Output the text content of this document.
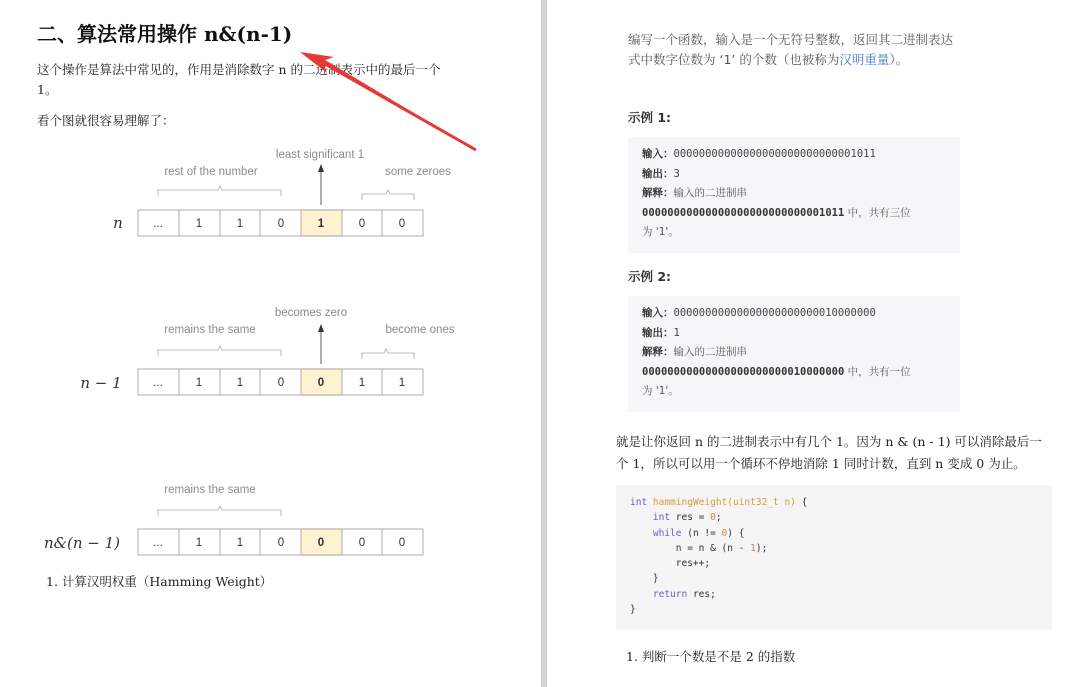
二、算法常用操作 n&(n-1)
这个操作是算法中常见的，作用是消除数字 n 的二进制表示中的最后一个
1。
看个图就很容易理解了：
rest of the number
least significant 1
some zeroes
n	...	1	1	0	1	0	0
remains the same
becomes zero
become ones
n − 1	...	1	1	0	0	1	1
remains the same
n&(n − 1)	...	1	1	0	0	0	0
1. 计算汉明权重（Hamming Weight）
编写一个函数，输入是一个无符号整数，返回其二进制表达
式中数字位数为 ‘1’ 的个数（也被称为汉明重量）。
示例 1:
输入：00000000000000000000000000001011
输出：3
解释：输入的二进制串
00000000000000000000000000001011 中，共有三位
为 '1'。
示例 2:
输入：00000000000000000000000010000000
输出：1
解释：输入的二进制串
00000000000000000000000010000000 中，共有一位
为 '1'。
就是让你返回 n 的二进制表示中有几个 1。因为 n & (n - 1) 可以消除最后一
个 1，所以可以用一个循环不停地消除 1 同时计数，直到 n 变成 0 为止。
int hammingWeight(uint32_t n) {
int res = 0;
while (n != 0) {
n = n & (n - 1);
res++;
}
return res;
}
1. 判断一个数是不是 2 的指数
